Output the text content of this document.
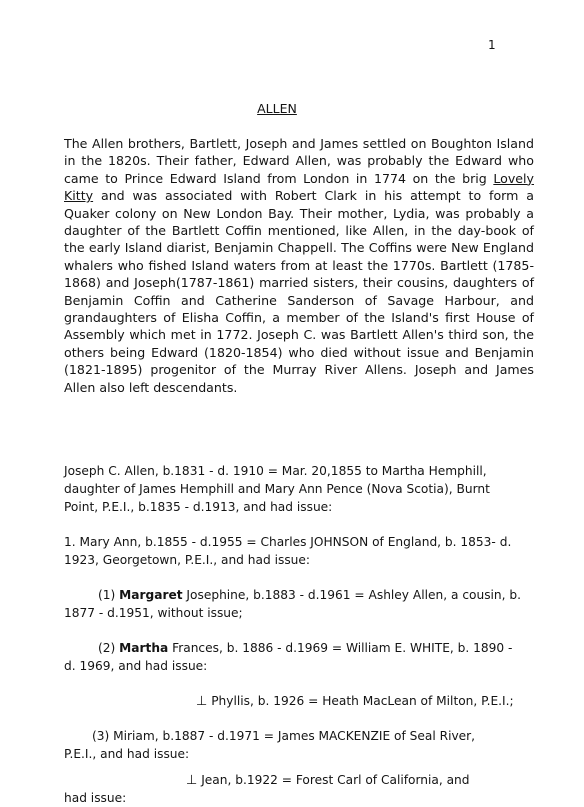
1
ALLEN

The Allen brothers, Bartlett, Joseph and James settled on Boughton Island in the 1820s. Their father, Edward Allen, was probably the Edward who came to Prince Edward Island from London in 1774 on the brig Lovely Kitty and was associated with Robert Clark in his attempt to form a Quaker colony on New London Bay. Their mother, Lydia, was probably a daughter of the Bartlett Coffin mentioned, like Allen, in the day-book of the early Island diarist, Benjamin Chappell. The Coffins were New England whalers who fished Island waters from at least the 1770s. Bartlett (1785-1868) and Joseph(1787-1861) married sisters, their cousins, daughters of Benjamin Coffin and Catherine Sanderson of Savage Harbour, and grandaughters of Elisha Coffin, a member of the Island's first House of Assembly which met in 1772. Joseph C. was Bartlett Allen's third son, the others being Edward (1820-1854) who died without issue and Benjamin (1821-1895) progenitor of the Murray River Allens. Joseph and James Allen also left descendants.

Joseph C. Allen, b.1831 - d. 1910 = Mar. 20,1855 to Martha Hemphill,
daughter of James Hemphill and Mary Ann Pence (Nova Scotia), Burnt
Point, P.E.I., b.1835 - d.1913, and had issue:
1. Mary Ann, b.1855 - d.1955 = Charles JOHNSON of England, b. 1853- d.
1923, Georgetown, P.E.I., and had issue:
(1) Margaret Josephine, b.1883 - d.1961 = Ashley Allen, a cousin, b.
1877 - d.1951, without issue;
(2) Martha Frances, b. 1886 - d.1969 = William E. WHITE, b. 1890 -
d. 1969, and had issue:
⊥ Phyllis, b. 1926 = Heath MacLean of Milton, P.E.I.;
(3) Miriam, b.1887 - d.1971 = James MACKENZIE of Seal River,
P.E.I., and had issue:
⊥ Jean, b.1922 = Forest Carl of California, and
had issue:
